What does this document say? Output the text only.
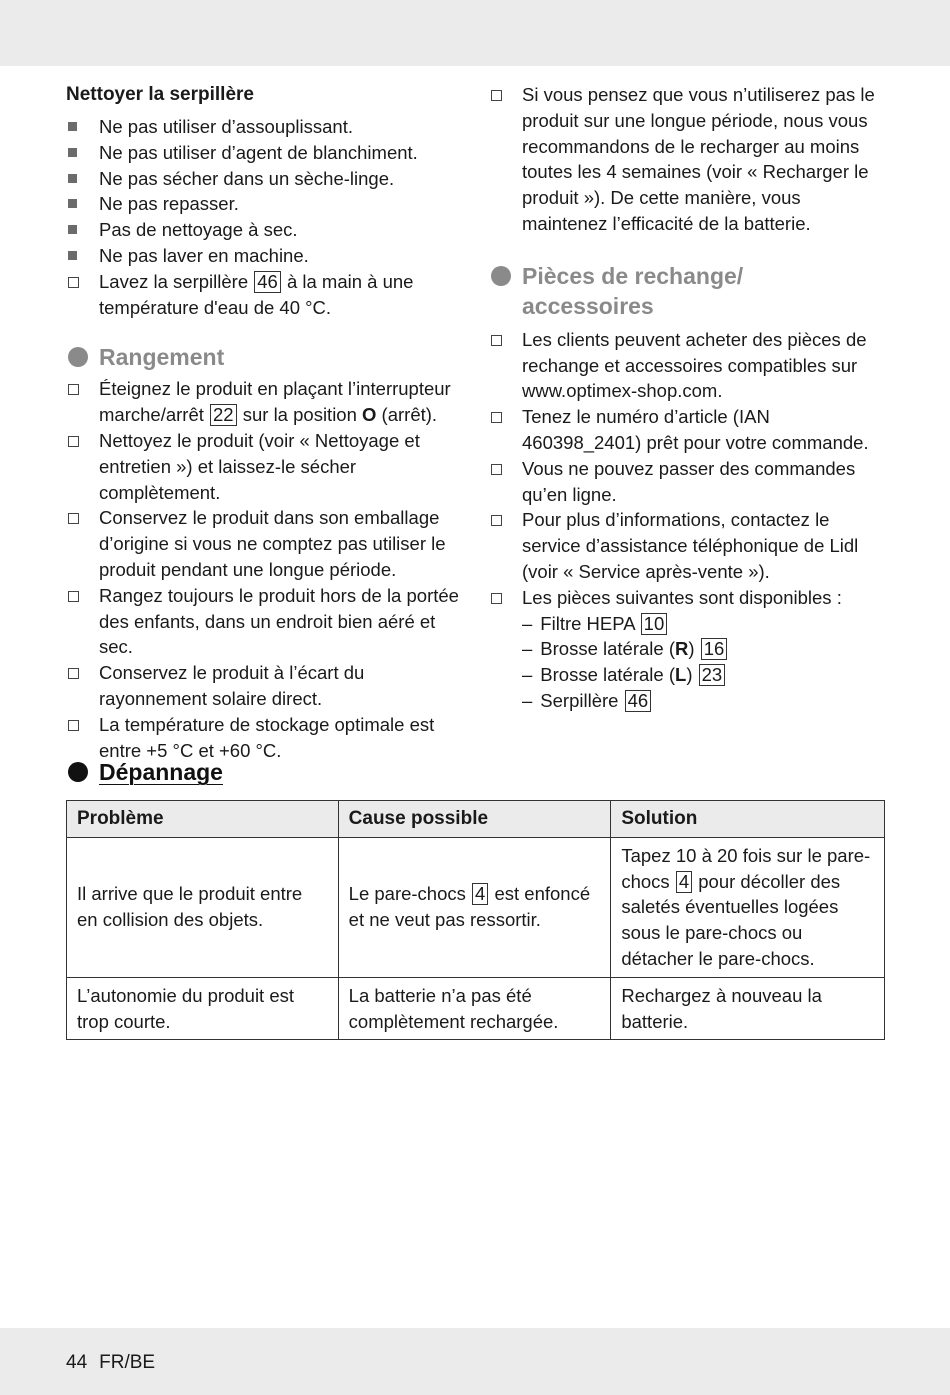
Nettoyer la serpillère
Ne pas utiliser d’assouplissant.
Ne pas utiliser d’agent de blanchiment.
Ne pas sécher dans un sèche-linge.
Ne pas repasser.
Pas de nettoyage à sec.
Ne pas laver en machine.
Lavez la serpillère 46 à la main à une température d'eau de 40 °C.
Rangement
Éteignez le produit en plaçant l’interrupteur marche/arrêt 22 sur la position O (arrêt).
Nettoyez le produit (voir « Nettoyage et entretien ») et laissez-le sécher complètement.
Conservez le produit dans son emballage d’origine si vous ne comptez pas utiliser le produit pendant une longue période.
Rangez toujours le produit hors de la portée des enfants, dans un endroit bien aéré et sec.
Conservez le produit à l’écart du rayonnement solaire direct.
La température de stockage optimale est entre +5 °C et +60 °C.
Si vous pensez que vous n’utiliserez pas le produit sur une longue période, nous vous recommandons de le recharger au moins toutes les 4 semaines (voir « Recharger le produit »). De cette manière, vous maintenez l’efficacité de la batterie.
Pièces de rechange/
accessoires
Les clients peuvent acheter des pièces de rechange et accessoires compatibles sur www.optimex-shop.com.
Tenez le numéro d’article (IAN 460398_2401) prêt pour votre commande.
Vous ne pouvez passer des commandes qu’en ligne.
Pour plus d’informations, contactez le service d’assistance téléphonique de Lidl (voir « Service après-vente »).
Les pièces suivantes sont disponibles :
– Filtre HEPA 10
– Brosse latérale (R) 16
– Brosse latérale (L) 23
– Serpillère 46
Dépannage
Problème	Cause possible	Solution
Il arrive que le produit entre en collision des objets.	Le pare-chocs 4 est enfoncé et ne veut pas ressortir.	Tapez 10 à 20 fois sur le pare-chocs 4 pour décoller des saletés éventuelles logées sous le pare-chocs ou détacher le pare-chocs.
L’autonomie du produit est trop courte.	La batterie n’a pas été complètement rechargée.	Rechargez à nouveau la batterie.
44 FR/BE
